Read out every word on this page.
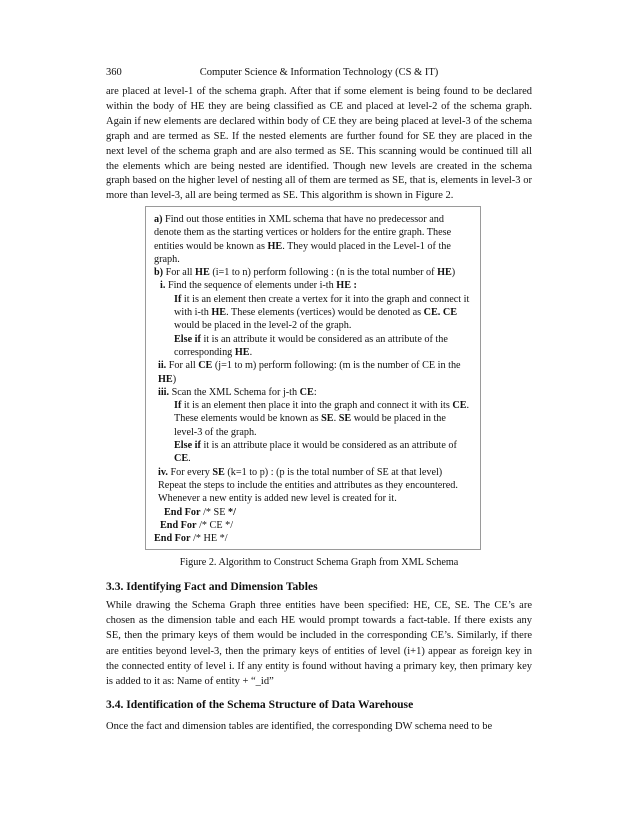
360	Computer Science & Information Technology (CS & IT)

are placed at level-1 of the schema graph. After that if some element is being found to be declared within the body of HE they are being classified as CE and placed at level-2 of the schema graph. Again if new elements are declared within body of CE they are being placed at level-3 of the schema graph and are termed as SE. If the nested elements are further found for SE they are placed in the next level of the schema graph and are also termed as SE. This scanning would be continued till all the elements which are being nested are identified. Though new levels are created in the schema graph based on the higher level of nesting all of them are termed as SE, that is, elements in level-3 or more than level-3, all are being termed as SE. This algorithm is shown in Figure 2.

a) Find out those entities in XML schema that have no predecessor and denote them as the starting vertices or holders for the entire graph. These entities would be known as HE. They would placed in the Level-1 of the graph.
b) For all HE (i=1 to n) perform following : (n is the total number of HE)
i. Find the sequence of elements under i-th HE :
If it is an element then create a vertex for it into the graph and connect it with i-th HE. These elements (vertices) would be denoted as CE. CE would be placed in the level-2 of the graph.
Else if it is an attribute it would be considered as an attribute of the corresponding HE.
ii. For all CE (j=1 to m) perform following: (m is the number of CE in the HE)
iii. Scan the XML Schema for j-th CE:
If it is an element then place it into the graph and connect it with its CE. These elements would be known as SE. SE would be placed in the level-3 of the graph.
Else if it is an attribute place it would be considered as an attribute of CE.
iv. For every SE (k=1 to p) : (p is the total number of SE at that level) Repeat the steps to include the entities and attributes as they encountered. Whenever a new entity is added new level is created for it.
End For /* SE */
End For /* CE */
End For /* HE */
Figure 2. Algorithm to Construct Schema Graph from XML Schema
3.3. Identifying Fact and Dimension Tables

While drawing the Schema Graph three entities have been specified: HE, CE, SE. The CE’s are chosen as the dimension table and each HE would prompt towards a fact-table. If there exists any SE, then the primary keys of them would be included in the corresponding CE’s. Similarly, if there are entities beyond level-3, then the primary keys of entities of level (i+1) appear as foreign key in the connected entity of level i. If any entity is found without having a primary key, then primary key is added to it as: Name of entity + “_id”

3.4. Identification of the Schema Structure of Data Warehouse

Once the fact and dimension tables are identified, the corresponding DW schema need to be
